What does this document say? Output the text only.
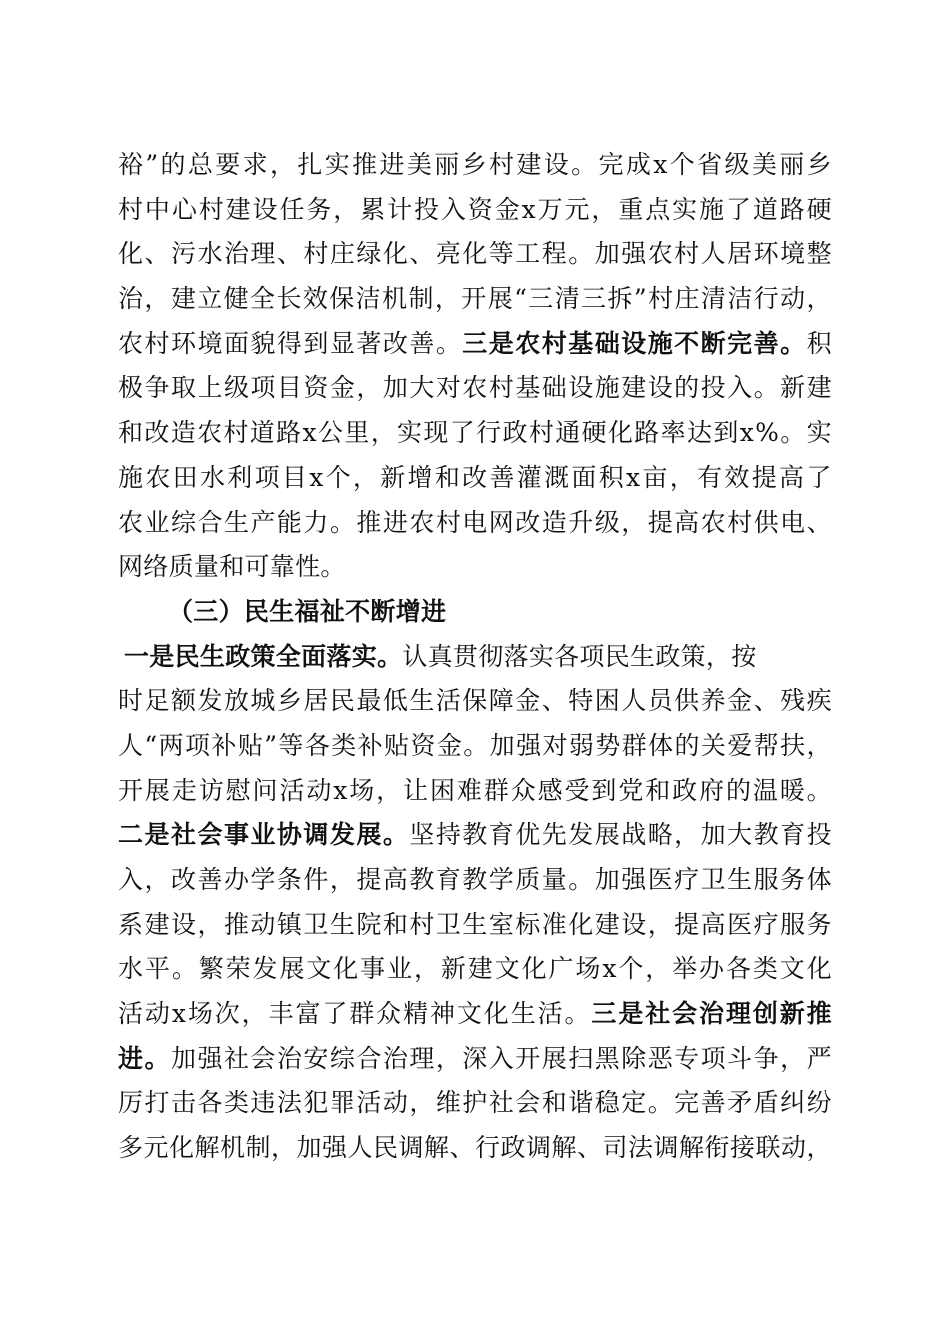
裕 ” 的 总 要 求 ， 扎 实 推 进 美 丽 乡 村 建 设 。 完 成 x 个 省 级 美 丽 乡
村 中 心 村 建 设 任 务 ， 累 计 投 入 资 金 x 万 元 ， 重 点 实 施 了 道 路 硬
化 、 污 水 治 理 、 村 庄 绿 化 、 亮 化 等 工 程 。 加 强 农 村 人 居 环 境 整
治 ， 建 立 健 全 长 效 保 洁 机 制 ， 开 展 “ 三 清 三 拆 ” 村 庄 清 洁 行 动 ，
农 村 环 境 面 貌 得 到 显 著 改 善 。 三 是 农 村 基 础 设 施 不 断 完 善 。 积
极 争 取 上 级 项 目 资 金 ， 加 大 对 农 村 基 础 设 施 建 设 的 投 入 。 新 建
和 改 造 农 村 道 路 x 公 里 ， 实 现 了 行 政 村 通 硬 化 路 率 达 到 x % 。 实
施 农 田 水 利 项 目 x 个 ， 新 增 和 改 善 灌 溉 面 积 x 亩 ， 有 效 提 高 了
农 业 综 合 生 产 能 力 。 推 进 农 村 电 网 改 造 升 级 ， 提 高 农 村 供 电 、
网络质量和可靠性。
（三）民生福祉不断增进
一是民生政策全面落实。 认真贯彻落实各项民生政策，按
时 足 额 发 放 城 乡 居 民 最 低 生 活 保 障 金 、 特 困 人 员 供 养 金 、 残 疾
人 “ 两 项 补 贴 ” 等 各 类 补 贴 资 金 。 加 强 对 弱 势 群 体 的 关 爱 帮 扶 ，
开 展 走 访 慰 问 活 动 x 场 ， 让 困 难 群 众 感 受 到 党 和 政 府 的 温 暖 。
二 是 社 会 事 业 协 调 发 展 。 坚 持 教 育 优 先 发 展 战 略 ， 加 大 教 育 投
入 ， 改 善 办 学 条 件 ， 提 高 教 育 教 学 质 量 。 加 强 医 疗 卫 生 服 务 体
系 建 设 ， 推 动 镇 卫 生 院 和 村 卫 生 室 标 准 化 建 设 ， 提 高 医 疗 服 务
水 平 。 繁 荣 发 展 文 化 事 业 ， 新 建 文 化 广 场 x 个 ， 举 办 各 类 文 化
活 动 x 场 次 ， 丰 富 了 群 众 精 神 文 化 生 活 。 三 是 社 会 治 理 创 新 推
进 。 加 强 社 会 治 安 综 合 治 理 ， 深 入 开 展 扫 黑 除 恶 专 项 斗 争 ， 严
厉 打 击 各 类 违 法 犯 罪 活 动 ， 维 护 社 会 和 谐 稳 定 。 完 善 矛 盾 纠 纷
多 元 化 解 机 制 ， 加 强 人 民 调 解 、 行 政 调 解 、 司 法 调 解 衔 接 联 动 ，
